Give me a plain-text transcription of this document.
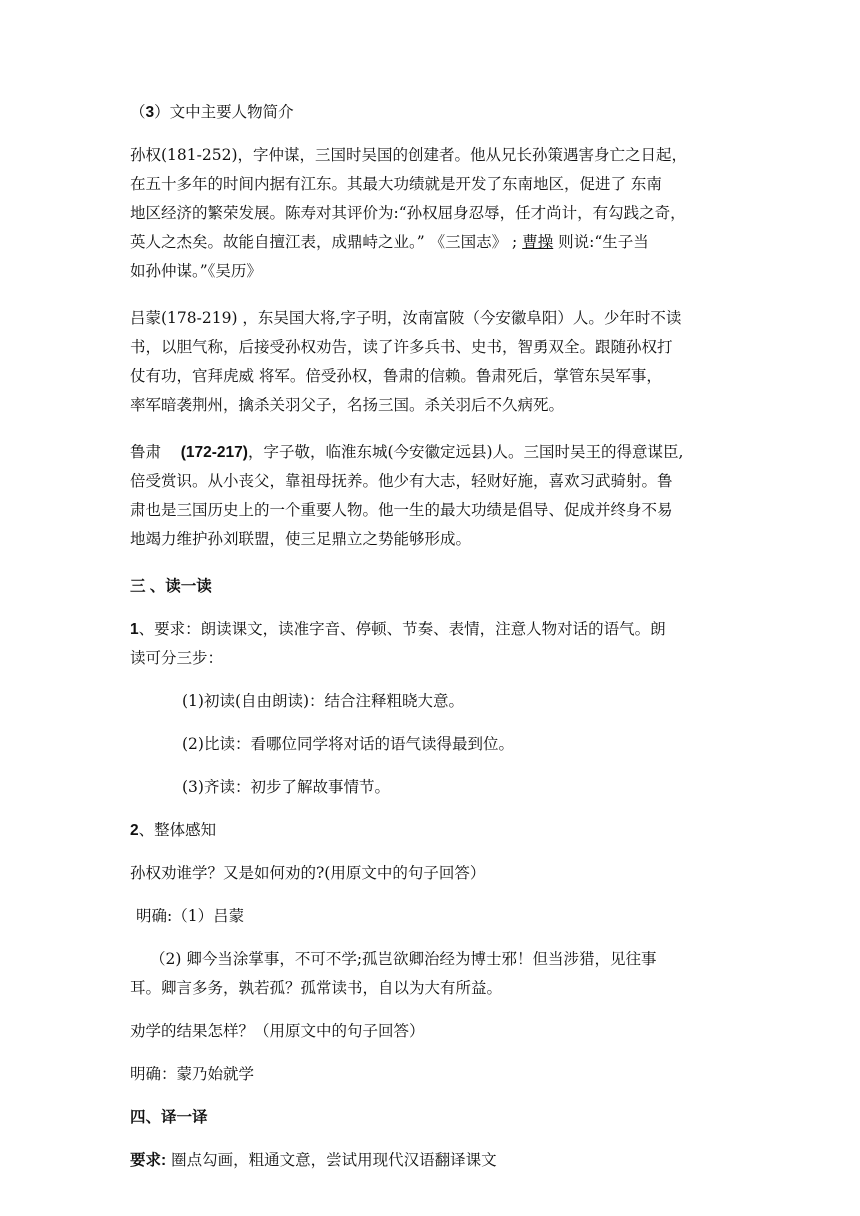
（3）文中主要人物简介

孙权(181-252)，字仲谋，三国时吴国的创建者。他从兄长孙策遇害身亡之日起，

在五十多年的时间内据有江东。其最大功绩就是开发了东南地区，促进了 东南

地区经济的繁荣发展。陈寿对其评价为:“孙权屈身忍辱，任才尚计，有勾践之奇，

英人之杰矣。故能自擅江表，成鼎峙之业。” 《三国志》 ; 曹操 则说:“生子当

如孙仲谋。”《吴历》

吕蒙(178-219) ，东吴国大将,字子明，汝南富陂（今安徽阜阳）人。少年时不读

书，以胆气称，后接受孙权劝告，读了许多兵书、史书，智勇双全。跟随孙权打

仗有功，官拜虎威 将军。倍受孙权，鲁肃的信赖。鲁肃死后，掌管东吴军事，

率军暗袭荆州，擒杀关羽父子，名扬三国。杀关羽后不久病死。

鲁肃 (172-217)，字子敬，临淮东城(今安徽定远县)人。三国时吴王的得意谋臣,

倍受赏识。从小丧父，靠祖母抚养。他少有大志，轻财好施，喜欢习武骑射。鲁

肃也是三国历史上的一个重要人物。他一生的最大功绩是倡导、促成并终身不易

地竭力维护孙刘联盟，使三足鼎立之势能够形成。

三 、读一读

1、要求：朗读课文，读准字音、停顿、节奏、表情，注意人物对话的语气。朗

读可分三步：

(1)初读(自由朗读)：结合注释粗晓大意。

(2)比读：看哪位同学将对话的语气读得最到位。

(3)齐读：初步了解故事情节。

2、整体感知

孙权劝谁学？又是如何劝的?(用原文中的句子回答）

明确:（1）吕蒙

（2) 卿今当涂掌事，不可不学;孤岂欲卿治经为博士邪！但当涉猎，见往事

耳。卿言多务，孰若孤？孤常读书，自以为大有所益。

劝学的结果怎样？（用原文中的句子回答）

明确：蒙乃始就学

四、译一译

要求: 圈点勾画，粗通文意，尝试用现代汉语翻译课文
